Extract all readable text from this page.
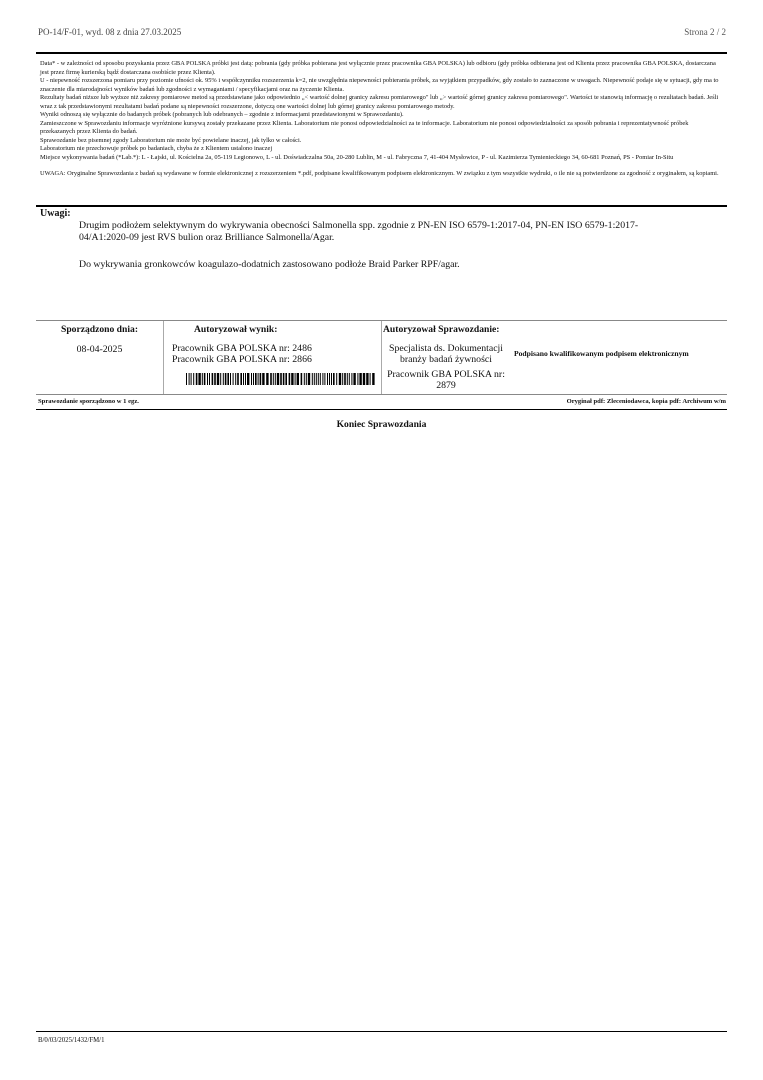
PO-14/F-01, wyd. 08 z dnia 27.03.2025	Strona 2 / 2

Data* - w zależności od sposobu pozyskania przez GBA POLSKA próbki jest datą: pobrania (gdy próbka pobierana jest wyłącznie przez pracownika GBA POLSKA) lub odbioru (gdy próbka odbierana jest od Klienta przez pracownika GBA POLSKA, dostarczana jest przez firmę kurierską bądź dostarczana osobiście przez Klienta).

U - niepewność rozszerzona pomiaru przy poziomie ufności ok. 95% i współczynniku rozszerzenia k=2, nie uwzględnia niepewności pobierania próbek, za wyjątkiem przypadków, gdy zostało to zaznaczone w uwagach. Niepewność podaje się w sytuacji, gdy ma to znaczenie dla miarodajności wyników badań lub zgodności z wymaganiami / specyfikacjami oraz na życzenie Klienta.

Rezultaty badań niższe lub wyższe niż zakresy pomiarowe metod są przedstawiane jako odpowiednio „< wartość dolnej granicy zakresu pomiarowego" lub „> wartość górnej granicy zakresu pomiarowego". Wartości te stanowią informację o rezultatach badań. Jeśli wraz z tak przedstawionymi rezultatami badań podane są niepewności rozszerzone, dotyczą one wartości dolnej lub górnej granicy zakresu pomiarowego metody.

Wyniki odnoszą się wyłącznie do badanych próbek (pobranych lub odebranych – zgodnie z informacjami przedstawionymi w Sprawozdaniu).

Zamieszczone w Sprawozdaniu informacje wyróżnione kursywą zostały przekazane przez Klienta. Laboratorium nie ponosi odpowiedzialności za te informacje. Laboratorium nie ponosi odpowiedzialności za sposób pobrania i reprezentatywność próbek przekazanych przez Klienta do badań.

Sprawozdanie bez pisemnej zgody Laboratorium nie może być powielane inaczej, jak tylko w całości.

Laboratorium nie przechowuje próbek po badaniach, chyba że z Klientem ustalono inaczej

Miejsce wykonywania badań (*Lab.*): L - Łajski, ul. Kościelna 2a, 05-119 Legionowo, L - ul. Doświadczalna 50a, 20-280 Lublin, M - ul. Fabryczna 7, 41-404 Mysłowice, P - ul. Kazimierza Tymienieckiego 34, 60-681 Poznań, PS - Pomiar In-Situ

UWAGA: Oryginalne Sprawozdania z badań są wydawane w formie elektronicznej z rozszerzeniem *.pdf, podpisane kwalifikowanym podpisem elektronicznym. W związku z tym wszystkie wydruki, o ile nie są potwierdzone za zgodność z oryginałem, są kopiami.

Uwagi:

Drugim podłożem selektywnym do wykrywania obecności Salmonella spp. zgodnie z PN-EN ISO 6579-1:2017-04, PN-EN ISO 6579-1:2017-04/A1:2020-09 jest RVS bulion oraz Brilliance Salmonella/Agar.

Do wykrywania gronkowców koagulazo-dodatnich zastosowano podłoże Braid Parker RPF/agar.

Sporządzono dnia:
08-04-2025
Autoryzował wynik:
Pracownik GBA POLSKA nr: 2486
Pracownik GBA POLSKA nr: 2866
Autoryzował Sprawozdanie:
Specjalista ds. Dokumentacji branży badań żywności
Pracownik GBA POLSKA nr: 2879
Podpisano kwalifikowanym podpisem elektronicznym
Sprawozdanie sporządzono w 1 egz.	Oryginał pdf: Zleceniodawca, kopia pdf: Archiwum w/m
Koniec Sprawozdania
B/0/03/2025/1432/FM/1
